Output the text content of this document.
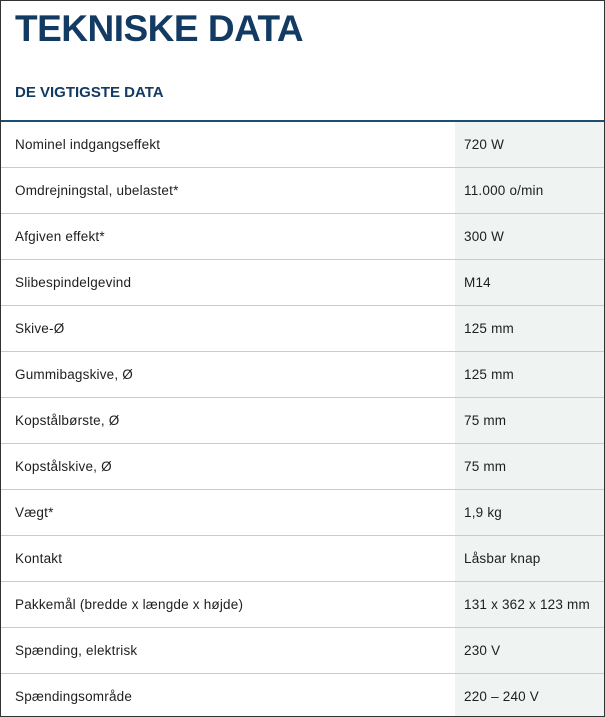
TEKNISKE DATA
DE VIGTIGSTE DATA
Nominel indgangseffekt	720 W
Omdrejningstal, ubelastet*	11.000 o/min
Afgiven effekt*	300 W
Slibespindelgevind	M14
Skive-Ø	125 mm
Gummibagskive, Ø	125 mm
Kopstålbørste, Ø	75 mm
Kopstålskive, Ø	75 mm
Vægt*	1,9 kg
Kontakt	Låsbar knap
Pakkemål (bredde x længde x højde)	131 x 362 x 123 mm
Spænding, elektrisk	230 V
Spændingsområde	220 – 240 V
